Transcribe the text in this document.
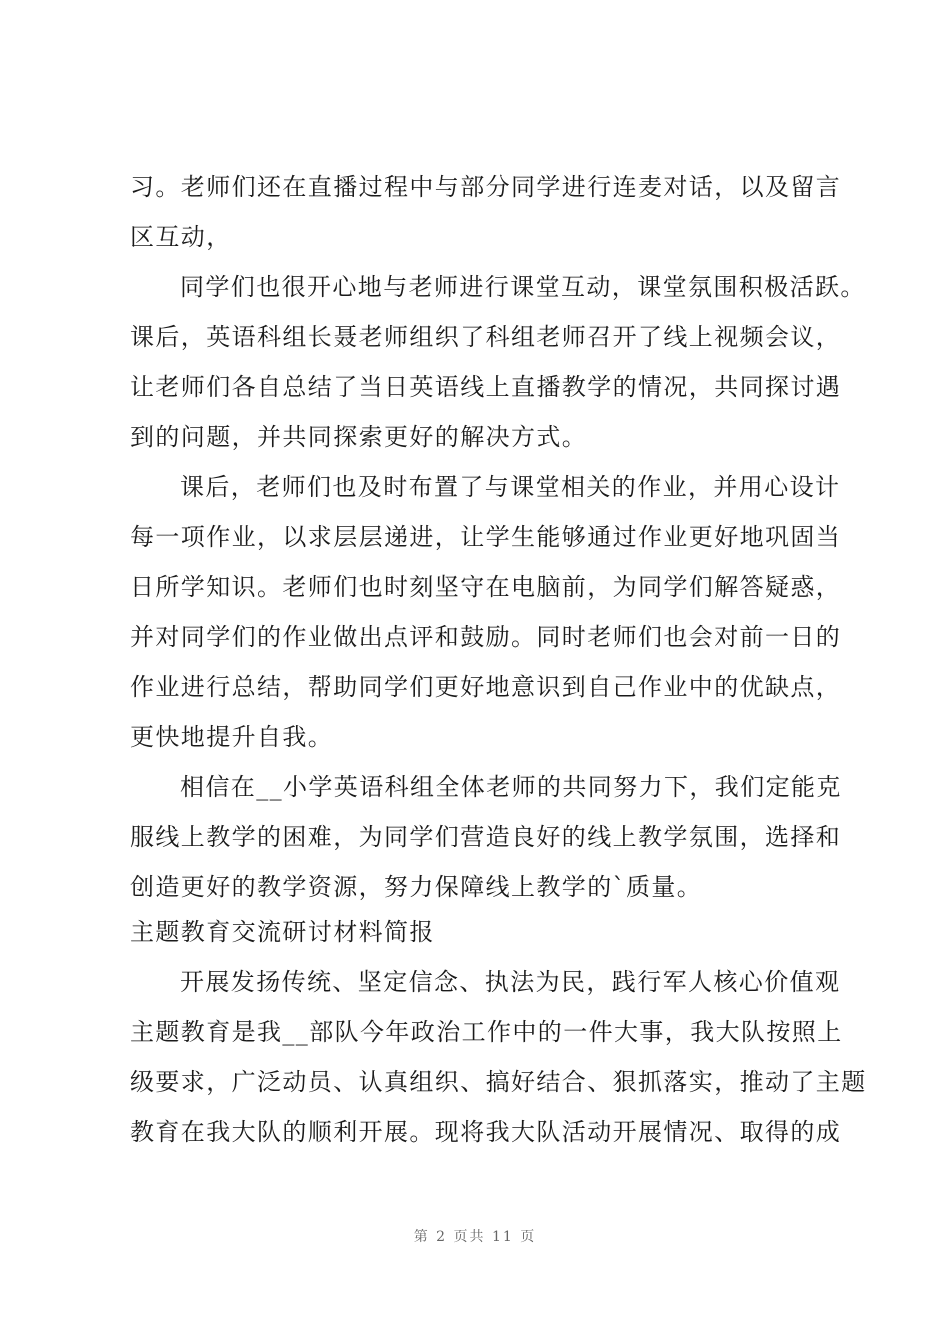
习。老师们还在直播过程中与部分同学进行连麦对话，以及留言
区互动，
同学们也很开心地与老师进行课堂互动，课堂氛围积极活跃。
课后，英语科组长聂老师组织了科组老师召开了线上视频会议，
让老师们各自总结了当日英语线上直播教学的情况，共同探讨遇
到的问题，并共同探索更好的解决方式。
课后，老师们也及时布置了与课堂相关的作业，并用心设计
每一项作业，以求层层递进，让学生能够通过作业更好地巩固当
日所学知识。老师们也时刻坚守在电脑前，为同学们解答疑惑，
并对同学们的作业做出点评和鼓励。同时老师们也会对前一日的
作业进行总结，帮助同学们更好地意识到自己作业中的优缺点，
更快地提升自我。
相信在__小学英语科组全体老师的共同努力下，我们定能克
服线上教学的困难，为同学们营造良好的线上教学氛围，选择和
创造更好的教学资源，努力保障线上教学的`质量。
主题教育交流研讨材料简报
开展发扬传统、坚定信念、执法为民，践行军人核心价值观
主题教育是我__部队今年政治工作中的一件大事，我大队按照上
级要求，广泛动员、认真组织、搞好结合、狠抓落实，推动了主题
教育在我大队的顺利开展。现将我大队活动开展情况、取得的成
第 2 页共 11 页
